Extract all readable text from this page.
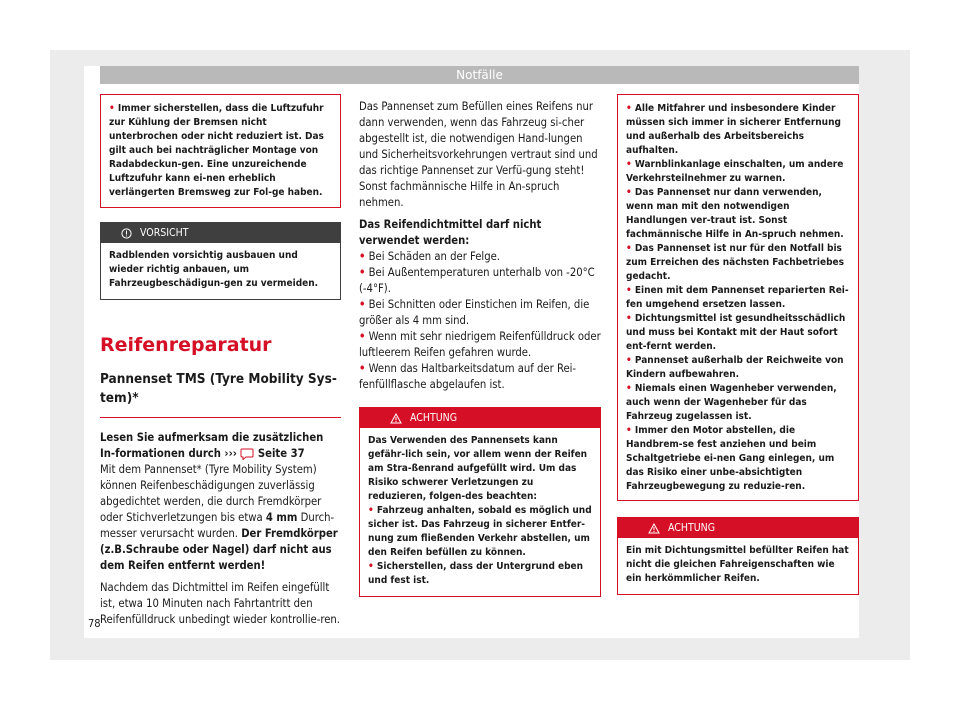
Notfälle
• Immer sicherstellen, dass die Luftzufuhr zur Kühlung der Bremsen nicht unterbrochen oder nicht reduziert ist. Das gilt auch bei nachträglicher Montage von Radabdeckun-gen. Eine unzureichende Luftzufuhr kann ei-nen erheblich verlängerten Bremsweg zur Fol-ge haben.
VORSICHT
Radblenden vorsichtig ausbauen und wieder richtig anbauen, um Fahrzeugbeschädigun-gen zu vermeiden.
Reifenreparatur
Pannenset TMS (Tyre Mobility Sys-tem)*

Lesen Sie aufmerksam die zusätzlichen In-formationen durch ››› Seite 37

Mit dem Pannenset* (Tyre Mobility System) können Reifenbeschädigungen zuverlässig abgedichtet werden, die durch Fremdkörper oder Stichverletzungen bis etwa 4 mm Durch-messer verursacht wurden. Der Fremdkörper (z.B.Schraube oder Nagel) darf nicht aus dem Reifen entfernt werden!

Nachdem das Dichtmittel im Reifen eingefüllt ist, etwa 10 Minuten nach Fahrtantritt den Reifenfülldruck unbedingt wieder kontrollie-ren.

Das Pannenset zum Befüllen eines Reifens nur dann verwenden, wenn das Fahrzeug si-cher abgestellt ist, die notwendigen Hand-lungen und Sicherheitsvorkehrungen vertraut sind und das richtige Pannenset zur Verfü-gung steht! Sonst fachmännische Hilfe in An-spruch nehmen.

Das Reifendichtmittel darf nicht verwendet werden:

• Bei Schäden an der Felge.

• Bei Außentemperaturen unterhalb von -20°C (-4°F).

• Bei Schnitten oder Einstichen im Reifen, die größer als 4 mm sind.

• Wenn mit sehr niedrigem Reifenfülldruck oder luftleerem Reifen gefahren wurde.

• Wenn das Haltbarkeitsdatum auf der Rei-fenfüllflasche abgelaufen ist.

ACHTUNG
Das Verwenden des Pannensets kann gefähr-lich sein, vor allem wenn der Reifen am Stra-ßenrand aufgefüllt wird. Um das Risiko schwerer Verletzungen zu reduzieren, folgen-des beachten:
• Fahrzeug anhalten, sobald es möglich und sicher ist. Das Fahrzeug in sicherer Entfer-nung zum fließenden Verkehr abstellen, um den Reifen befüllen zu können.
• Sicherstellen, dass der Untergrund eben und fest ist.
• Alle Mitfahrer und insbesondere Kinder müssen sich immer in sicherer Entfernung und außerhalb des Arbeitsbereichs aufhalten.
• Warnblinkanlage einschalten, um andere Verkehrsteilnehmer zu warnen.
• Das Pannenset nur dann verwenden, wenn man mit den notwendigen Handlungen ver-traut ist. Sonst fachmännische Hilfe in An-spruch nehmen.
• Das Pannenset ist nur für den Notfall bis zum Erreichen des nächsten Fachbetriebes gedacht.
• Einen mit dem Pannenset reparierten Rei-fen umgehend ersetzen lassen.
• Dichtungsmittel ist gesundheitsschädlich und muss bei Kontakt mit der Haut sofort ent-fernt werden.
• Pannenset außerhalb der Reichweite von Kindern aufbewahren.
• Niemals einen Wagenheber verwenden, auch wenn der Wagenheber für das Fahrzeug zugelassen ist.
• Immer den Motor abstellen, die Handbrem-se fest anziehen und beim Schaltgetriebe ei-nen Gang einlegen, um das Risiko einer unbe-absichtigten Fahrzeugbewegung zu reduzie-ren.
ACHTUNG
Ein mit Dichtungsmittel befüllter Reifen hat nicht die gleichen Fahreigenschaften wie ein herkömmlicher Reifen.
78
